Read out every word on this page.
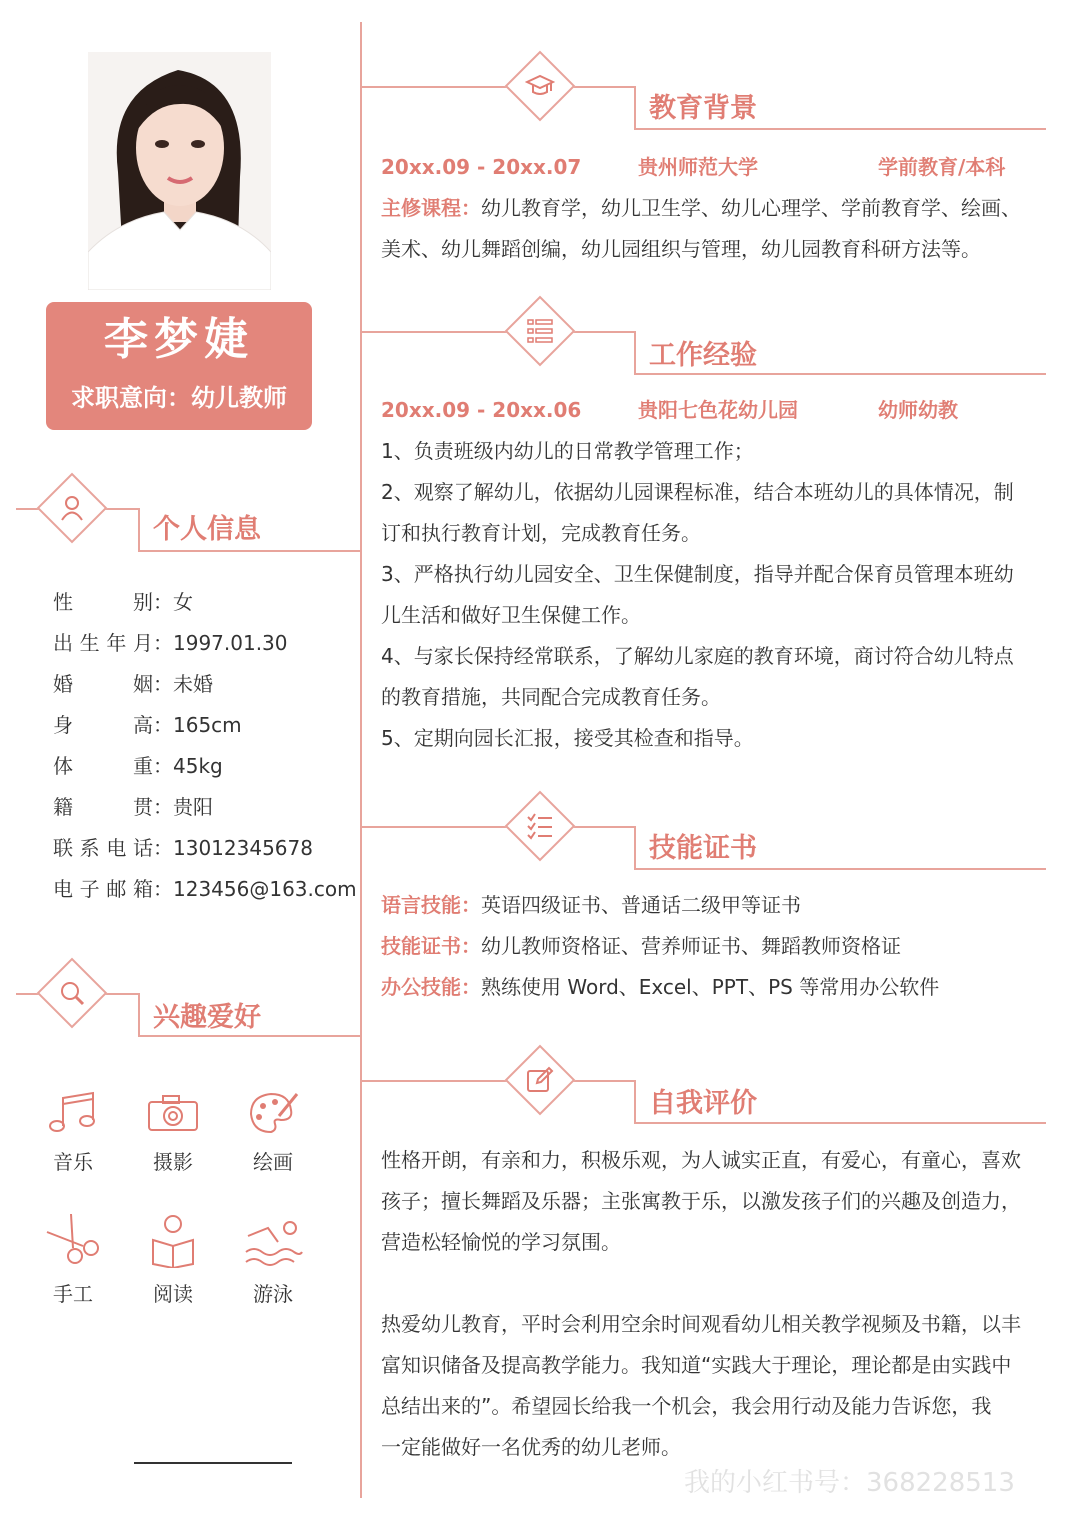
李梦婕
求职意向：幼儿教师
个人信息
性别：女
出生年月：1997.01.30
婚姻：未婚
身高：165cm
体重：45kg
籍贯：贵阳
联系电话：13012345678
电子邮箱：123456@163.com
兴趣爱好
音乐	摄影	绘画
手工	阅读	游泳
教育背景
20xx.09 - 20xx.07	贵州师范大学	学前教育/本科
主修课程：幼儿教育学，幼儿卫生学、幼儿心理学、学前教育学、绘画、
美术、幼儿舞蹈创编，幼儿园组织与管理，幼儿园教育科研方法等。
工作经验
20xx.09 - 20xx.06	贵阳七色花幼儿园	幼师幼教
1、负责班级内幼儿的日常教学管理工作；
2、观察了解幼儿，依据幼儿园课程标准，结合本班幼儿的具体情况，制
订和执行教育计划，完成教育任务。
3、严格执行幼儿园安全、卫生保健制度，指导并配合保育员管理本班幼
儿生活和做好卫生保健工作。
4、与家长保持经常联系，了解幼儿家庭的教育环境，商讨符合幼儿特点
的教育措施，共同配合完成教育任务。
5、定期向园长汇报，接受其检查和指导。
技能证书
语言技能：英语四级证书、普通话二级甲等证书
技能证书：幼儿教师资格证、营养师证书、舞蹈教师资格证
办公技能：熟练使用 Word、Excel、PPT、PS 等常用办公软件
自我评价
性格开朗，有亲和力，积极乐观，为人诚实正直，有爱心，有童心，喜欢
孩子；擅长舞蹈及乐器；主张寓教于乐，以激发孩子们的兴趣及创造力，
营造松轻愉悦的学习氛围。
热爱幼儿教育，平时会利用空余时间观看幼儿相关教学视频及书籍，以丰
富知识储备及提高教学能力。我知道“实践大于理论，理论都是由实践中
总结出来的”。希望园长给我一个机会，我会用行动及能力告诉您，我
一定能做好一名优秀的幼儿老师。
我的小红书号：368228513
